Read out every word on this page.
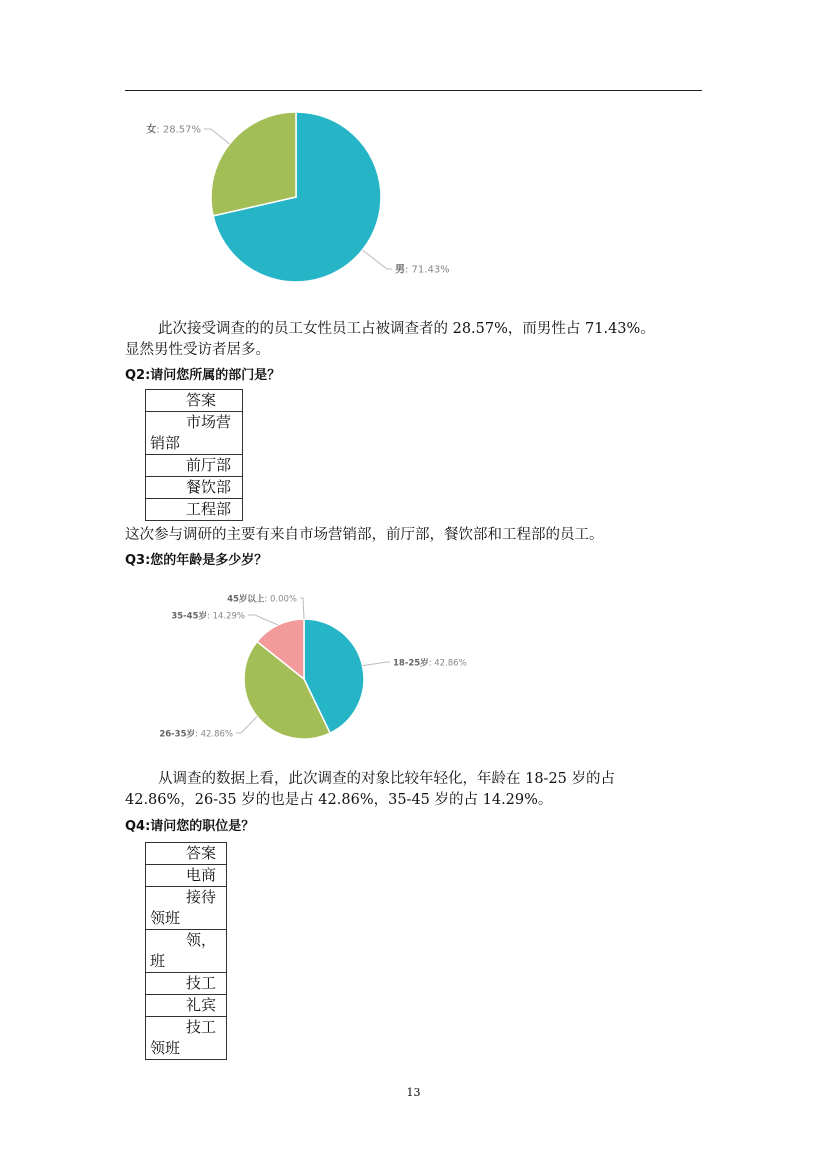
男: 71.43%
女: 28.57%

此次接受调查的的员工女性员工占被调查者的 28.57%，而男性占 71.43%。

显然男性受访者居多。

Q2:请问您所属的部门是？

答案
市场营销部
前厅部
餐饮部
工程部

这次参与调研的主要有来自市场营销部，前厅部，餐饮部和工程部的员工。

Q3:您的年龄是多少岁？

18-25岁: 42.86%
26-35岁: 42.86%
35-45岁: 14.29%
45岁以上: 0.00%

从调查的数据上看，此次调查的对象比较年轻化，年龄在 18-25 岁的占

42.86%，26-35 岁的也是占 42.86%，35-45 岁的占 14.29%。

Q4:请问您的职位是？

答案
电商
接待领班
领，班
技工
礼宾
技工领班
13
